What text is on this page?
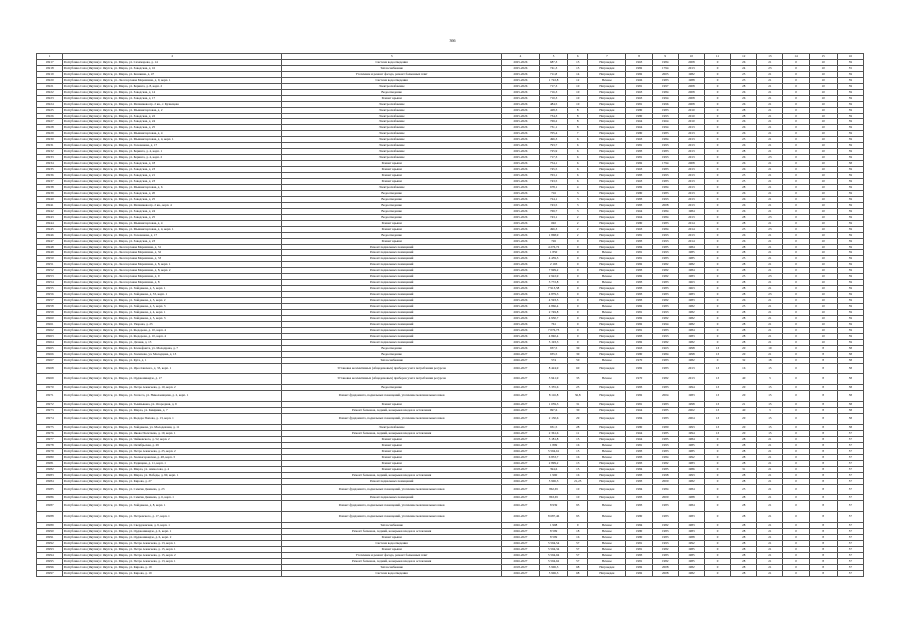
366
1	2	3	4	5	6	7	8	9	10	11	12	13	14	15	16
18217	Республика Саха (Якутия) г. Якутск, ул. Мирза, ул. Сахамарова, д. 14	Система водоотведения	2025-2026	687,3	15	Награжден	1963	1984	2008	0	26	21	0	10	59
18218	Республика Саха (Якутия) г. Якутск, ул. Мирза, ул. Заводская, д. 16	Теплоснабжение	2025-2026	741,3	15	Награжден	1982	1794	2013	0	24	23	0	10	55
18219	Республика Саха (Якутия) г. Якутск, ул. Мирза, ул. Кошкина, д. 47	Утепление и ремонт фасада, ремонт балконных плит	2025-2026	711,8	14	Награжден	1982	2005	1982	0	25	21	0	10	59
18220	Республика Саха (Якутия) г. Якутск, ул. Лесоторговая Марамзина, д. 9, корп. 1	Система водоотведения	2025-2026	1 722,8	12	Вечное	1966	1983	1988	0	23	21	0	10	59
18221	Республика Саха (Якутия) г. Якутск, ул. Мирза, ул. Беринга, д. 8, корп. 2	Электроснабжение	2025-2026	717,3	10	Награжден	1981	1997	2008	0	28	21	0	10	59
18222	Республика Саха (Якутия) г. Якутск, ул. Мирза, ул. Заводская, д. 14	Водоотведение	2025-2026	716,3	10	Награжден	1963	1984	2008	0	26	21	0	10	59
18223	Республика Саха (Якутия) г. Якутск, ул. Мирза, ул. Заводская, д. 17	Ремонт крыши	2025-2026	710,3	10	Награжден	1963	1994	2008	0	26	21	0	10	59
18224	Республика Саха (Якутия) г. Якутск, ул. Мирза, ул. Мечникова пр. 2 кв., г. Кузнецова	Электроснабжение	2025-2026	484,5	10	Награжден	1981	1996	2008	0	26	21	0	10	59
18225	Республика Саха (Якутия) г. Якутск, ул. Мирза, ул. Мышкиторговая, д. 2	Электроснабжение	2025-2026	428,3	8	Награжден	1980	1983	2010	0	28	21	0	10	59
18226	Республика Саха (Якутия) г. Якутск, ул. Мирза, ул. Заводская, д. 22	Электроснабжение	2025-2026	734,3	8	Награжден	1980	1993	2010	0	28	21	0	10	59
18227	Республика Саха (Якутия) г. Якутск, ул. Мирза, ул. Заводская, д. 24	Электроснабжение	2025-2026	769,2	8	Награжден	1964	1964	2010	0	26	21	0	10	59
18228	Республика Саха (Якутия) г. Якутск, ул. Мирза, ул. Заводская, д. 25	Электроснабжение	2025-2026	731,1	8	Награжден	1964	1994	2013	0	26	21	0	10	59
18229	Республика Саха (Якутия) г. Якутск, ул. Мирза, ул. Мышкиторговая, д. 4	Электроснабжение	2025-2026	705,4	7	Награжден	1980	1983	2013	0	26	21	0	10	59
18230	Республика Саха (Якутия) г. Якутск, ул. Мирза, ул. Мышкиторговая, д. 4, корп. 1	Электроснабжение	2025-2026	496,3	6	Награжден	1963	1984	2013	0	25	21	0	10	59
18231	Республика Саха (Якутия) г. Якутск, ул. Мирза, ул. Голованова, д. 17	Электроснабжение	2025-2026	793,7	6	Награжден	1981	1993	2013	0	26	21	0	10	59
18232	Республика Саха (Якутия) г. Якутск, ул. Мирза, ул. Беринга, д. 4, корп. 1	Электроснабжение	2025-2026	725,9	6	Награжден	1983	1983	2013	0	28	21	0	10	59
18233	Республика Саха (Якутия) г. Якутск, ул. Мирза, ул. Беринга, д. 4, корп. 2	Электроснабжение	2025-2026	717,3	6	Награжден	1981	1993	2013	0	26	23	0	10	59
18234	Республика Саха (Якутия) г. Якутск, ул. Мирза, ул. Заводская, д. 18	Ремонт крыши	2025-2026	754,1	6	Награжден	1982	1794	2008	0	26	21	0	10	58
18235	Республика Саха (Якутия) г. Якутск, ул. Мирза, ул. Заводская, д. 23	Ремонт крыши	2025-2026	745,5	6	Награжден	1963	1983	2013	0	26	21	0	10	59
18236	Республика Саха (Якутия) г. Якутск, ул. Мирза, ул. Заводская, д. 21	Ремонт крыши	2025-2026	763,1	6	Награжден	1983	1993	2013	0	25	21	0	10	59
18237	Республика Саха (Якутия) г. Якутск, ул. Мирза, ул. Заводская, д. 23	Ремонт крыши	2025-2026	743,5	6	Награжден	1963	1983	2013	0	25	21	0	10	59
18238	Республика Саха (Якутия) г. Якутск, ул. Мирза, ул. Мышкиторговая, д. 6	Электроснабжение	2025-2026	678,1	4	Награжден	1982	1984	2013	0	28	21	0	10	59
18239	Республика Саха (Якутия) г. Якутск, ул. Мирза, ул. Заводская, д. 20	Водоотведение	2025-2026	716	3	Награжден	1980	1983	2013	0	26	21	0	10	59
18240	Республика Саха (Якутия) г. Якутск, ул. Мирза, ул. Заводская, д. 25	Водоотведение	2025-2026	724,1	3	Награжден	1983	1993	2013	0	26	21	0	10	59
18241	Республика Саха (Якутия) г. Якутск, ул. Мирза, ул. Мечникова пр. 2 кв., корп. 4	Водоотведение	2025-2026	743,5	3	Награжден	1983	2008	2013	0	26	21	0	10	59
18242	Республика Саха (Якутия) г. Якутск, ул. Мирза, ул. Заводская, д. 24	Водоотведение	2025-2026	769,7	3	Награжден	1964	1984	1984	0	26	21	0	10	59
18243	Республика Саха (Якутия) г. Якутск, ул. Мирза, ул. Заводская, д. 25	Водоотведение	2025-2026	743,1	2	Награжден	1964	1984	2013	0	28	23	0	10	59
18244	Республика Саха (Якутия) г. Якутск, ул. Мирза, ул. Мышкиторговая, д. 4	Ремонт крыши	2025-2026	692	2	Награжден	1980	1983	2014	0	28	21	0	10	59
18245	Республика Саха (Якутия) г. Якутск, ул. Мирза, ул. Мышкиторговая, д. 4, корп. 1	Ремонт крыши	2025-2026	496,3	2	Награжден	1963	1984	2014	0	25	23	0	10	59
18246	Республика Саха (Якутия) г. Якутск, ул. Мирза, ул. Голованова, д. 17	Водоотведение	2025-2026	1 868,9	2	Награжден	1981	1993	2013	0	26	21	0	10	59
18247	Республика Саха (Якутия) г. Якутск, ул. Мирза, ул. Заводская, д. 23	Ремонт крыши	2025-2026	726	0	Награжден	1983	1993	2014	0	26	21	0	10	59
18248	Республика Саха (Якутия) г. Якутск, ул. Лесоторговая Марамзина, д. 31	Ремонт подвальных помещений	2025-2026	4 276,72	0	Награжден	1984	1985	1984	0	28	21	0	10	59
18249	Республика Саха (Якутия) г. Якутск, ул. Лесоторговая Марамзина, д. 32	Ремонт подвальных помещений	2025-2026	1 850	0	Вечное	1981	1993	1985	0	28	21	0	10	59
18250	Республика Саха (Якутия) г. Якутск, ул. Лесоторговая Марамзина, д. 33	Ремонт подвальных помещений	2025-2026	4 459,3	0	Награжден	1981	1983	1985	0	25	21	0	10	59
18251	Республика Саха (Якутия) г. Якутск, ул. Лесоторговая Марамзина, д. 8, корп. 1	Ремонт подвальных помещений	2025-2026	2 193	0	Награжден	1982	1982	1982	0	28	21	0	10	59
18252	Республика Саха (Якутия) г. Якутск, ул. Лесоторговая Марамзина, д. 8, корп. 2	Ремонт подвальных помещений	2025-2026	7 999,2	0	Награжден	1983	1982	1984	0	28	21	0	10	59
18253	Республика Саха (Якутия) г. Якутск, ул. Лесоторговая Марамзина, д. 9	Ремонт подвальных помещений	2025-2026	2 922,9	0	Вечное	1982	1982	1983	0	25	23	0	10	59
18254	Республика Саха (Якутия) г. Якутск, ул. Лесоторговая Марамзина, д. 8	Ремонт подвальных помещений	2025-2026	3 772,8	0	Вечное	1983	1983	1963	0	28	21	0	10	59
18255	Республика Саха (Якутия) г. Якутск, ул. Мирза, ул. Хайдакова, д. 3, корп. 1	Ремонт подвальных помещений	2025-2026	7 913,58	0	Награжден	1983	1983	1963	0	28	21	0	10	59
18256	Республика Саха (Якутия) г. Якутск, ул. Мирза, ул. Хайдакова, д. 33, корп. 1	Ремонт подвальных помещений	2025-2026	4 879,3	0	Награжден	1983	1983	1983	0	28	23	0	10	59
18257	Республика Саха (Якутия) г. Якутск, ул. Мирза, ул. Хайдакова, д. 3, корп. 2	Ремонт подвальных помещений	2025-2026	4 593,5	0	Награжден	1983	1982	1983	0	26	21	0	10	59
18258	Республика Саха (Якутия) г. Якутск, ул. Мирза, ул. Хайдакова, д. 3, корп. 3	Ремонт подвальных помещений	2025-2026	4 866,4	0	Вечное	1982	1983	1982	0	25	21	0	10	59
18259	Республика Саха (Якутия) г. Якутск, ул. Мирза, ул. Хайдакова, д. 4, корп. 1	Ремонт подвальных помещений	2025-2026	2 749,8	0	Вечное	1981	1993	1982	0	28	21	0	10	59
18260	Республика Саха (Якутия) г. Якутск, ул. Мирза, ул. Хайдакова, д. 5, корп. 3	Ремонт подвальных помещений	2025-2026	4 930,7	0	Награжден	1982	1982	1982	0	28	21	0	10	59
18261	Республика Саха (Якутия) г. Якутск, ул. Мирза, ул. Уварова, д. 23	Ремонт подвальных помещений	2025-2026	761	0	Награжден	1982	1994	1982	0	28	21	0	10	59
18262	Республика Саха (Якутия) г. Якутск, ул. Мирза, ул. Федорова, д. 10, корп. 4	Ремонт подвальных помещений	2025-2026	7 076,73	0	Награжден	1981	1983	1984	0	28	21	0	10	59
18263	Республика Саха (Якутия) г. Якутск, ул. Мирза, ул. Федорова, д. 10, корп. 4	Ремонт подвальных помещений	2025-2026	4 840,4	0	Награжден	1983	1993	1983	0	28	21	0	10	59
18264	Республика Саха (Якутия) г. Якутск, ул. Мирза, ул. Дачная, д. 13	Ремонт подвальных помещений	2025-2026	5 193,3	0	Награжден	1982	1982	1982	0	28	21	0	10	59
18265	Республика Саха (Якутия) г. Якутск, ул. Мирза, ул. Ксенофонта, ул. Молодцова, д. 7	Водоотведение	2025-2026	937,5	30	Награжден	1963	1963	1998	13	20	19	0	8	58
18266	Республика Саха (Якутия) г. Якутск, ул. Мирза, ул. Халилова, ул. Молодцова, д. 13	Водоотведение	2026-2027	935,5	30	Награжден	1980	1984	1998	13	20	21	0	8	58
18267	Республика Саха (Якутия) г. Якутск, ул. Мирза, ул. Кута, д. 1	Теплоснабжение	2026-2027	574	50	Вечное	1970	1983	1982	0	32	18	0	8	58
18268	Республика Саха (Якутия) г. Якутск, ул. Мирза, ул. Ярославского, д. 33, корп. 1	Установка коллективных (общедомовых) приборов учета потребления ресурсов	2026-2027	8 424,9	60	Награжден	1982	1983	2013	13	16	15	0	8	58
18269	Республика Саха (Якутия) г. Якутск, ул. Мирза, ул. Орджоникидзе, д. 17	Установка коллективных (общедомовых) приборов учета потребления ресурсов	2026-2027	3 941,9	35	Вечное	1970	1982	2013	13	40	3	0	8	58
18270	Республика Саха (Якутия) г. Якутск, ул. Мирза, ул. Петра Алексеева, д. 10, корп. 2	Водоотведение	2026-2027	5 355,6	25	Награжден	1983	1983	1994	13	20	15	0	8	58
18271	Республика Саха (Якутия) г. Якутск, ул. Мирза, ул. Хатасса, ул. Николаевщина, д. 2, корп. 1	Ремонт фундамента, подвальных помещений, утепление межпанельных швов	2026-2027	8 116,8	36,8	Награжден	1982	2004	1983	13	20	15	0	8	58
18272	Республика Саха (Якутия) г. Якутск, ул. Мирза, ул. Тымпыкона, ул. Огородная, д. 9	Ремонт крыши	2026-2027	1 059,3	31	Награжден	1981	1983	1998	13	21	15	0	8	58
18273	Республика Саха (Якутия) г. Якутск, ул. Мирза, ул. Мирза, ул. Кимрики, д. 7	Ремонт балконов, лоджий, козырьков входов и остекления	2026-2027	997,6	30	Награжден	1964	1985	2002	13	40	3	0	8	58
18274	Республика Саха (Якутия) г. Якутск, ул. Мирза, ул. Федора Попова, д. 13, корп. 1	Ремонт фундамента, подвальных помещений, утепление межпанельных швов	2026-2027	2 130,6	29	Награжден	1984	1983	2004	13	20	15	0	8	58
18275	Республика Саха (Якутия) г. Якутск, ул. Мирза, ул. Хайдакова, ул. Молодежная, д. 11	Электроснабжение	2026-2027	931,5	28	Награжден	1980	1980	1993	13	20	15	0	8	58
18276	Республика Саха (Якутия) г. Якутск, ул. Мирза, ул. Якова Полетаева, д. 19, корп. 1	Ремонт балконов, лоджий, козырьков входов и остекления	2026-2027	2 361,6	11	Награжден	1964	1985	1994	13	20	15	0	8	57
18277	Республика Саха (Якутия) г. Якутск, ул. Мирза, ул. Чайковского, д. 52, корп. 2	Ремонт крыши	2018-2027	5 181,8	15	Награжден	1964	1985	1984	0	28	21	0	8	57
18278	Республика Саха (Якутия) г. Якутск, ул. Мирза, ул. Октябрьская, д. 29	Ремонт крыши	2026-2027	1 899	16	Вечное	1981	1993	1985	0	28	21	0	8	57
18279	Республика Саха (Якутия) г. Якутск, ул. Мирза, ул. Петра Алексеева, д. 25, корп. 2	Ремонт крыши	2026-2027	5 594,61	15	Вечное	1983	1983	1985	0	28	21	0	8	57
18280	Республика Саха (Якутия) г. Якутск, ул. Мирза, ул. Холмогоровская, д. 48, корп. 3	Ремонт крыши	2026-2027	6 833,7	16	Вечное	1983	1984	1992	0	28	21	0	8	57
18281	Республика Саха (Якутия) г. Якутск, ул. Мирза, ул. Радищева, д. 11, корп. 1	Ремонт крыши	2026-2027	2 899,2	13	Награжден	1983	1982	1983	0	28	21	0	8	57
18282	Республика Саха (Якутия) г. Якутск, ул. Мирза, ул. Мирза, ул. Аммосова, д. 4	Ремонт крыши	2018-2027	394,6	15	Награжден	1984	1985	1986	0	31	21	0	8	57
18283	Республика Саха (Якутия) г. Якутск, ул. Мирза, ул. Мирза, ул. Победы, д. 90, корп. 1	Ремонт балконов, лоджий, козырьков входов и остекления	2026-2027	1 990	16	Награжден	1983	1998	1993	0	28	21	0	8	57
18284	Республика Саха (Якутия) г. Якутск, ул. Мирза, ул. Кирова, д. 27	Ремонт подвальных помещений	2026-2027	5 906,3	21,25	Награжден	1983	2000	1982	0	28	21	0	8	57
18285	Республика Саха (Якутия) г. Якутск, ул. Мирза, ул. Семёна Дежнева, д. 23	Ремонт фундамента, подвальных помещений, утепление межпанельных швов	2026-2027	862,65	10	Награжден	1984	1984	1984	0	25	21	0	8	57
18286	Республика Саха (Якутия) г. Якутск, ул. Мирза, ул. Семёна Дежнева, д. 6, корп. 1	Ремонт подвальных помещений	2026-2027	863,65	10	Награжден	1983	2000	1988	0	28	21	0	8	57
18287	Республика Саха (Якутия) г. Якутск, ул. Мирза, ул. Хайдакова, д. 8, корп. 1	Ремонт фундамента, подвальных помещений, утепление межпанельных швов	2026-2027	8 939	95	Вечное	1983	1983	1984	0	28	21	0	8	57
18288	Республика Саха (Якутия) г. Якутск, ул. Мирза, ул. Петровского, д. 17, корп. 1	Ремонт фундамента, подвальных помещений, утепление межпанельных швов	2026-2027	8 687,46	95	Вечное	1980	1983	1983	0	28	21	0	8	57
18289	Республика Саха (Якутия) г. Якутск, ул. Мирза, ул. Свердловская, д. 9, корп. 1	Теплоснабжение	2026-2027	1 998	9	Вечное	1984	1982	1983	0	28	21	0	8	57
18290	Республика Саха (Якутия) г. Якутск, ул. Мирза, ул. Орджоникидзе, д. 6, корп. 1	Ремонт балконов, лоджий, козырьков входов и остекления	2026-2027	8 599	18	Вечное	1980	1983	1983	0	28	21	0	8	57
18291	Республика Саха (Якутия) г. Якутск, ул. Мирза, ул. Орджоникидзе, д. 6, корп. 2	Ремонт крыши	2026-2027	8 599	16	Вечное	1980	1983	1988	0	28	21	0	8	57
18292	Республика Саха (Якутия) г. Якутск, ул. Мирза, ул. Петра Алексеева, д. 13, корп. 1	Система водоотведения	2026-2027	5 594,54	57	Вечное	1981	1993	1992	0	28	21	0	8	57
18293	Республика Саха (Якутия) г. Якутск, ул. Мирза, ул. Петра Алексеева, д. 15, корп. 1	Ремонт крыши	2026-2027	5 594,34	57	Вечное	1981	1982	1985	0	28	21	0	8	57
18294	Республика Саха (Якутия) г. Якутск, ул. Мирза, ул. Петра Алексеева, д. 15, корп. 2	Утепление и ремонт фасада, ремонт балконных плит	2026-2027	5 594,94	57	Вечное	1983	1983	1985	0	28	21	0	8	57
18295	Республика Саха (Якутия) г. Якутск, ул. Мирза, ул. Петра Алексеева, д. 13, корп. 1	Ремонт балконов, лоджий, козырьков входов и остекления	2026-2027	5 594,62	57	Вечное	1981	1982	1985	0	28	21	0	8	57
18296	Республика Саха (Якутия) г. Якутск, ул. Мирза, ул. Кирова, д. 19	Теплоснабжение	2018-2027	5 906,3	68	Награжден	1982	2008	1982	0	28	21	0	8	57
18297	Республика Саха (Якутия) г. Якутск, ул. Мирза, ул. Кирова, д. 19	Система водоотведения	2026-2027	5 906,3	68	Награжден	1982	2008	1982	0	28	21	0	8	57
